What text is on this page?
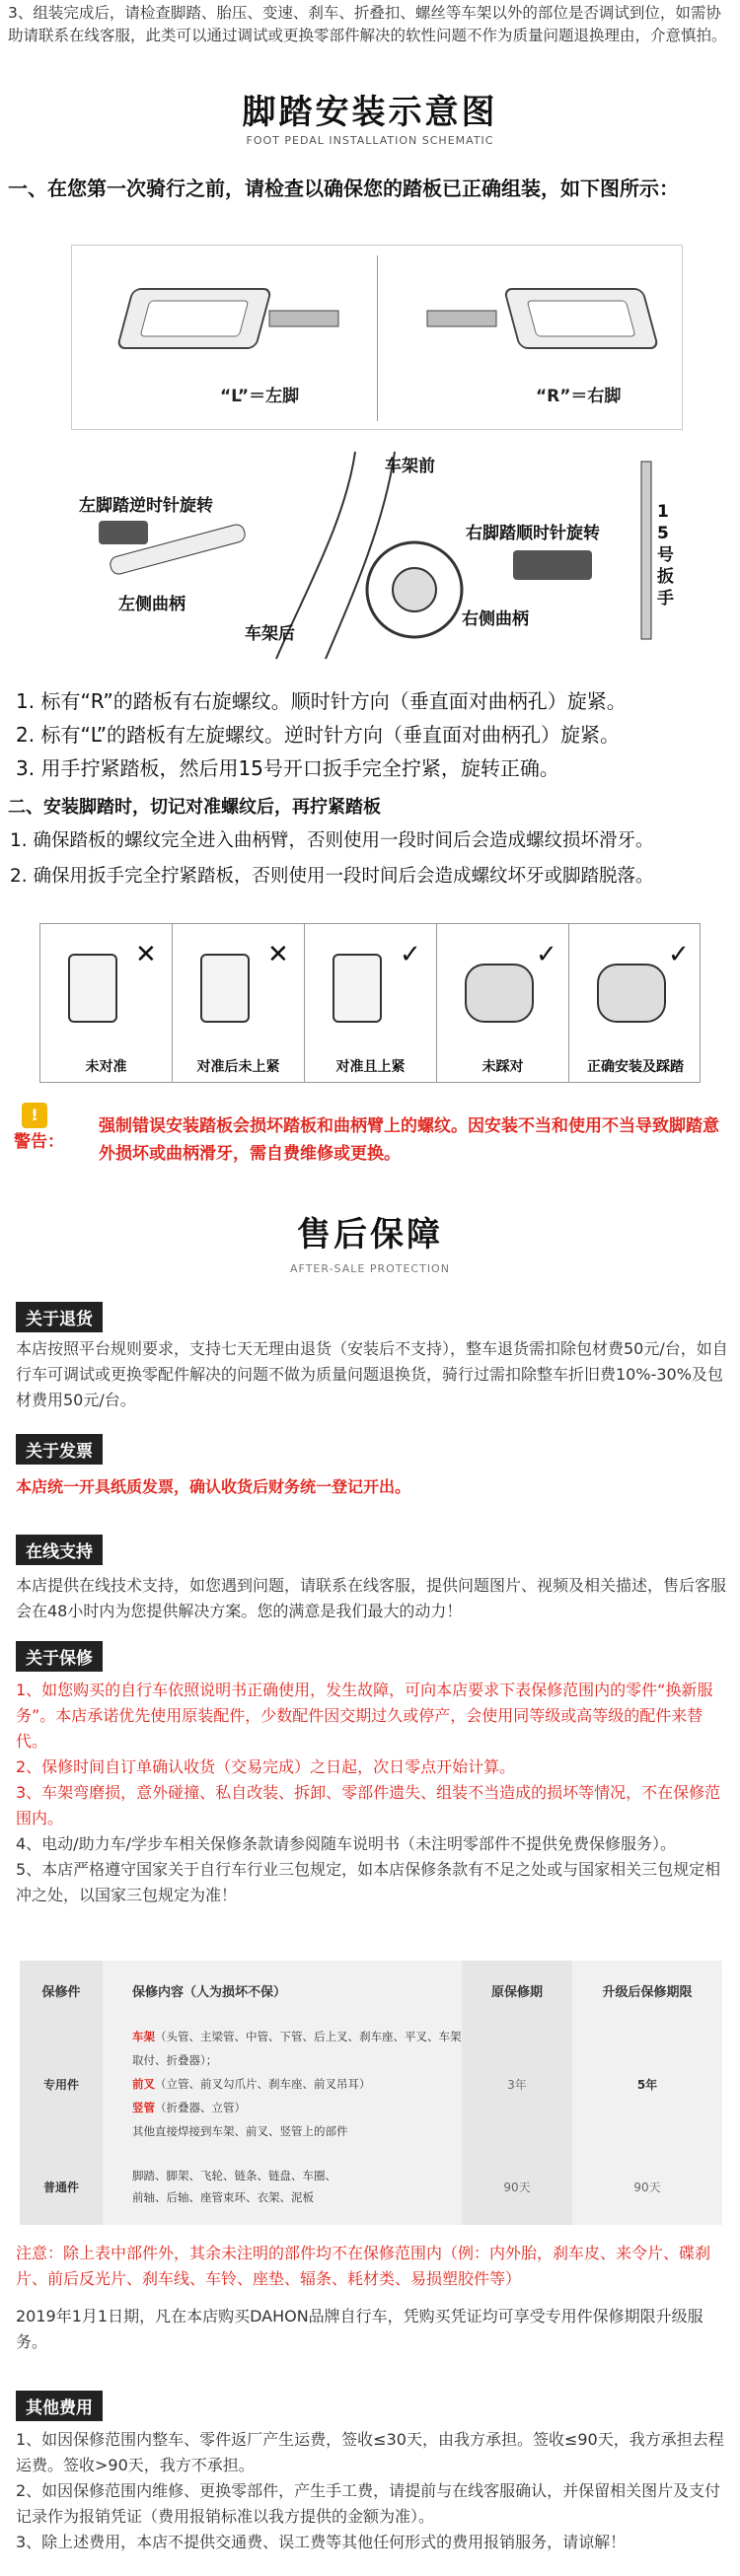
3、组装完成后，请检查脚踏、胎压、变速、刹车、折叠扣、螺丝等车架以外的部位是否调试到位，如需协助请联系在线客服，此类可以通过调试或更换零部件解决的软性问题不作为质量问题退换理由，介意慎拍。
脚踏安装示意图
FOOT PEDAL INSTALLATION SCHEMATIC
一、在您第一次骑行之前，请检查以确保您的踏板已正确组装，如下图所示：
“L”＝左脚	“R”＝右脚
车架前
左脚踏逆时针旋转
右脚踏顺时针旋转
左侧曲柄
右侧曲柄
车架后
15号扳手
1. 标有“R”的踏板有右旋螺纹。顺时针方向（垂直面对曲柄孔）旋紧。
2. 标有“L”的踏板有左旋螺纹。逆时针方向（垂直面对曲柄孔）旋紧。
3. 用手拧紧踏板，然后用15号开口扳手完全拧紧，旋转正确。
二、安装脚踏时，切记对准螺纹后，再拧紧踏板
1. 确保踏板的螺纹完全进入曲柄臂，否则使用一段时间后会造成螺纹损坏滑牙。
2. 确保用扳手完全拧紧踏板，否则使用一段时间后会造成螺纹坏牙或脚踏脱落。
✕
未对准
✕
对准后未上紧
✓
对准且上紧
✓
未踩对
✓
正确安装及踩踏
!
警告：
强制错误安装踏板会损坏踏板和曲柄臂上的螺纹。因安装不当和使用不当导致脚踏意外损坏或曲柄滑牙，需自费维修或更换。
售后保障
AFTER-SALE PROTECTION
关于退货
本店按照平台规则要求，支持七天无理由退货（安装后不支持），整车退货需扣除包材费50元/台，如自行车可调试或更换零配件解决的问题不做为质量问题退换货，骑行过需扣除整车折旧费10%-30%及包材费用50元/台。
关于发票
本店统一开具纸质发票，确认收货后财务统一登记开出。
在线支持
本店提供在线技术支持，如您遇到问题，请联系在线客服，提供问题图片、视频及相关描述，售后客服会在48小时内为您提供解决方案。您的满意是我们最大的动力！
关于保修
1、如您购买的自行车依照说明书正确使用，发生故障，可向本店要求下表保修范围内的零件“换新服务”。本店承诺优先使用原装配件，少数配件因交期过久或停产，会使用同等级或高等级的配件来替代。
2、保修时间自订单确认收货（交易完成）之日起，次日零点开始计算。
3、车架弯磨损，意外碰撞、私自改装、拆卸、零部件遗失、组装不当造成的损坏等情况，不在保修范围内。
4、电动/助力车/学步车相关保修条款请参阅随车说明书（未注明零部件不提供免费保修服务）。
5、本店严格遵守国家关于自行车行业三包规定，如本店保修条款有不足之处或与国家相关三包规定相冲之处，以国家三包规定为准！
保修件	保修内容（人为损坏不保）	原保修期	升级后保修期限
专用件	车架（头管、主梁管、中管、下管、后上叉、刹车座、平叉、车架取付、折叠器）；
前叉（立管、前叉勾爪片、刹车座、前叉吊耳）
竖管（折叠器、立管）
其他直接焊接到车架、前叉、竖管上的部件	3年	5年
普通件	脚踏、脚架、飞轮、链条、链盘、车圈、
前轴、后轴、座管束环、衣架、泥板	90天	90天
注意：除上表中部件外，其余未注明的部件均不在保修范围内（例：内外胎，刹车皮、来令片、碟刹片、前后反光片、刹车线、车铃、座垫、辐条、耗材类、易损塑胶件等）
2019年1月1日期，凡在本店购买DAHON品牌自行车，凭购买凭证均可享受专用件保修期限升级服务。
其他费用
1、如因保修范围内整车、零件返厂产生运费，签收≤30天，由我方承担。签收≤90天，我方承担去程运费。签收>90天，我方不承担。
2、如因保修范围内维修、更换零部件，产生手工费，请提前与在线客服确认，并保留相关图片及支付记录作为报销凭证（费用报销标准以我方提供的金额为准）。
3、除上述费用，本店不提供交通费、误工费等其他任何形式的费用报销服务，请谅解！
